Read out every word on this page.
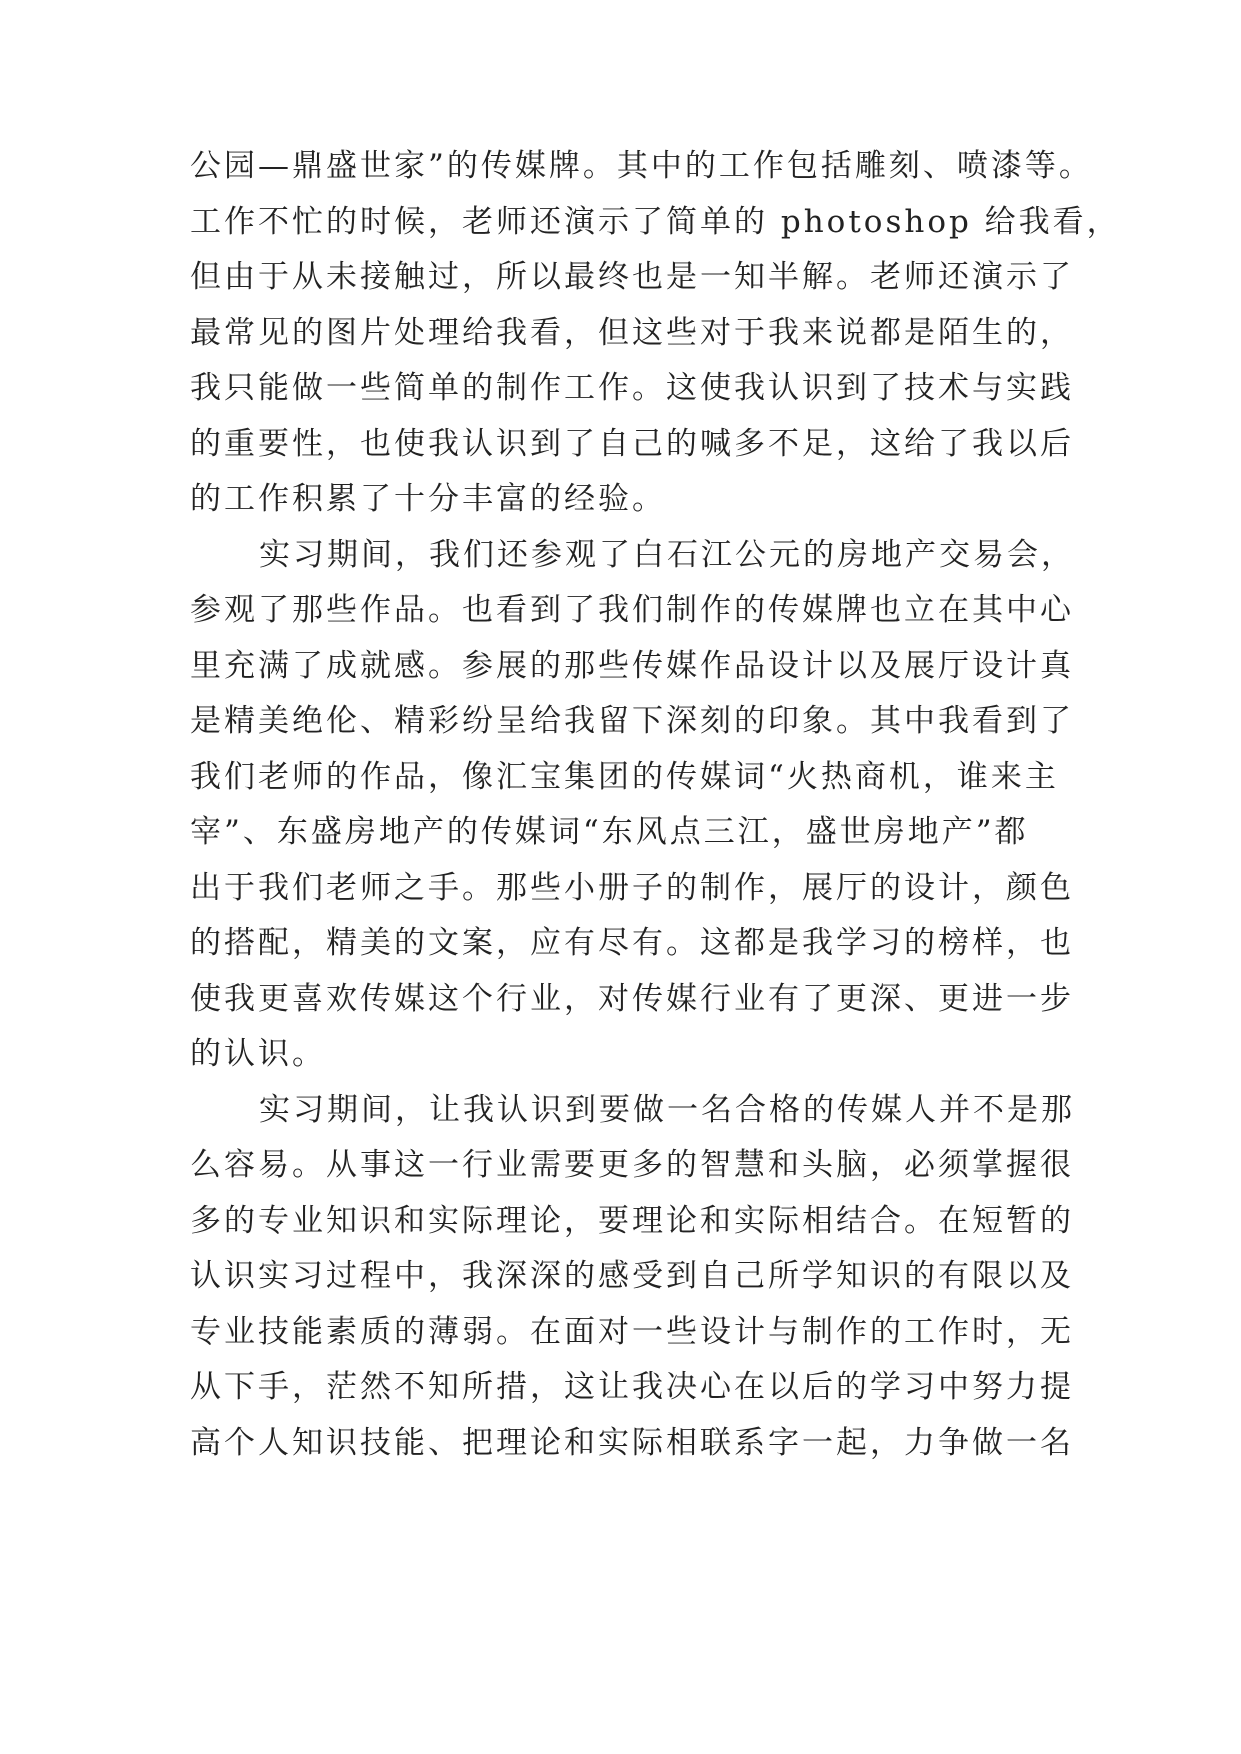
公园—鼎盛世家”的传媒牌。其中的工作包括雕刻、喷漆等。
工作不忙的时候，老师还演示了简单的 photoshop 给我看，
但由于从未接触过，所以最终也是一知半解。老师还演示了
最常见的图片处理给我看，但这些对于我来说都是陌生的，
我只能做一些简单的制作工作。这使我认识到了技术与实践
的重要性，也使我认识到了自己的喊多不足，这给了我以后
的工作积累了十分丰富的经验。
实习期间，我们还参观了白石江公元的房地产交易会，
参观了那些作品。也看到了我们制作的传媒牌也立在其中心
里充满了成就感。参展的那些传媒作品设计以及展厅设计真
是精美绝伦、精彩纷呈给我留下深刻的印象。其中我看到了
我们老师的作品，像汇宝集团的传媒词“火热商机，谁来主
宰”、东盛房地产的传媒词“东风点三江，盛世房地产”都
出于我们老师之手。那些小册子的制作，展厅的设计，颜色
的搭配，精美的文案，应有尽有。这都是我学习的榜样，也
使我更喜欢传媒这个行业，对传媒行业有了更深、更进一步
的认识。
实习期间，让我认识到要做一名合格的传媒人并不是那
么容易。从事这一行业需要更多的智慧和头脑，必须掌握很
多的专业知识和实际理论，要理论和实际相结合。在短暂的
认识实习过程中，我深深的感受到自己所学知识的有限以及
专业技能素质的薄弱。在面对一些设计与制作的工作时，无
从下手，茫然不知所措，这让我决心在以后的学习中努力提
高个人知识技能、把理论和实际相联系字一起，力争做一名
